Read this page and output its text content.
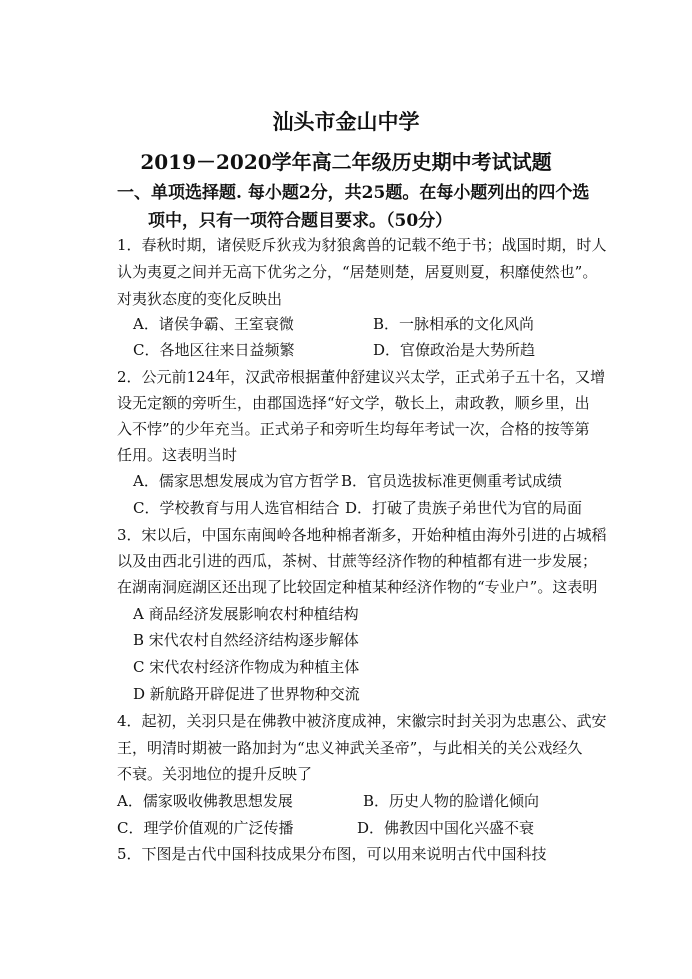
汕头市金山中学
2019－2020学年高二年级历史期中考试试题
一、单项选择题. 每小题2分，共25题。在每小题列出的四个选
项中，只有一项符合题目要求。（50分）
1．春秋时期，诸侯贬斥狄戎为豺狼禽兽的记载不绝于书；战国时期，时人
认为夷夏之间并无高下优劣之分，“居楚则楚，居夏则夏，积靡使然也”。
对夷狄态度的变化反映出
A．诸侯争霸、王室衰微	B．一脉相承的文化风尚
C．各地区往来日益频繁	D．官僚政治是大势所趋
2．公元前124年，汉武帝根据董仲舒建议兴太学，正式弟子五十名，又增
设无定额的旁听生，由郡国选择“好文学，敬长上，肃政教，顺乡里，出
入不悖”的少年充当。正式弟子和旁听生均每年考试一次，合格的按等第
任用。这表明当时
A．儒家思想发展成为官方哲学 B．官员选拔标准更侧重考试成绩
C．学校教育与用人选官相结合 D．打破了贵族子弟世代为官的局面
3．宋以后，中国东南闽岭各地种棉者渐多，开始种植由海外引进的占城稻
以及由西北引进的西瓜，茶树、甘蔗等经济作物的种植都有进一步发展；
在湖南洞庭湖区还出现了比较固定种植某种经济作物的“专业户”。这表明
A 商品经济发展影响农村种植结构
B 宋代农村自然经济结构逐步解体
C 宋代农村经济作物成为种植主体
D 新航路开辟促进了世界物种交流
4．起初，关羽只是在佛教中被济度成神，宋徽宗时封关羽为忠惠公、武安
王，明清时期被一路加封为“忠义神武关圣帝”，与此相关的关公戏经久
不衰。关羽地位的提升反映了
A．儒家吸收佛教思想发展	B．历史人物的脸谱化倾向
C．理学价值观的广泛传播	D．佛教因中国化兴盛不衰
5．下图是古代中国科技成果分布图，可以用来说明古代中国科技
